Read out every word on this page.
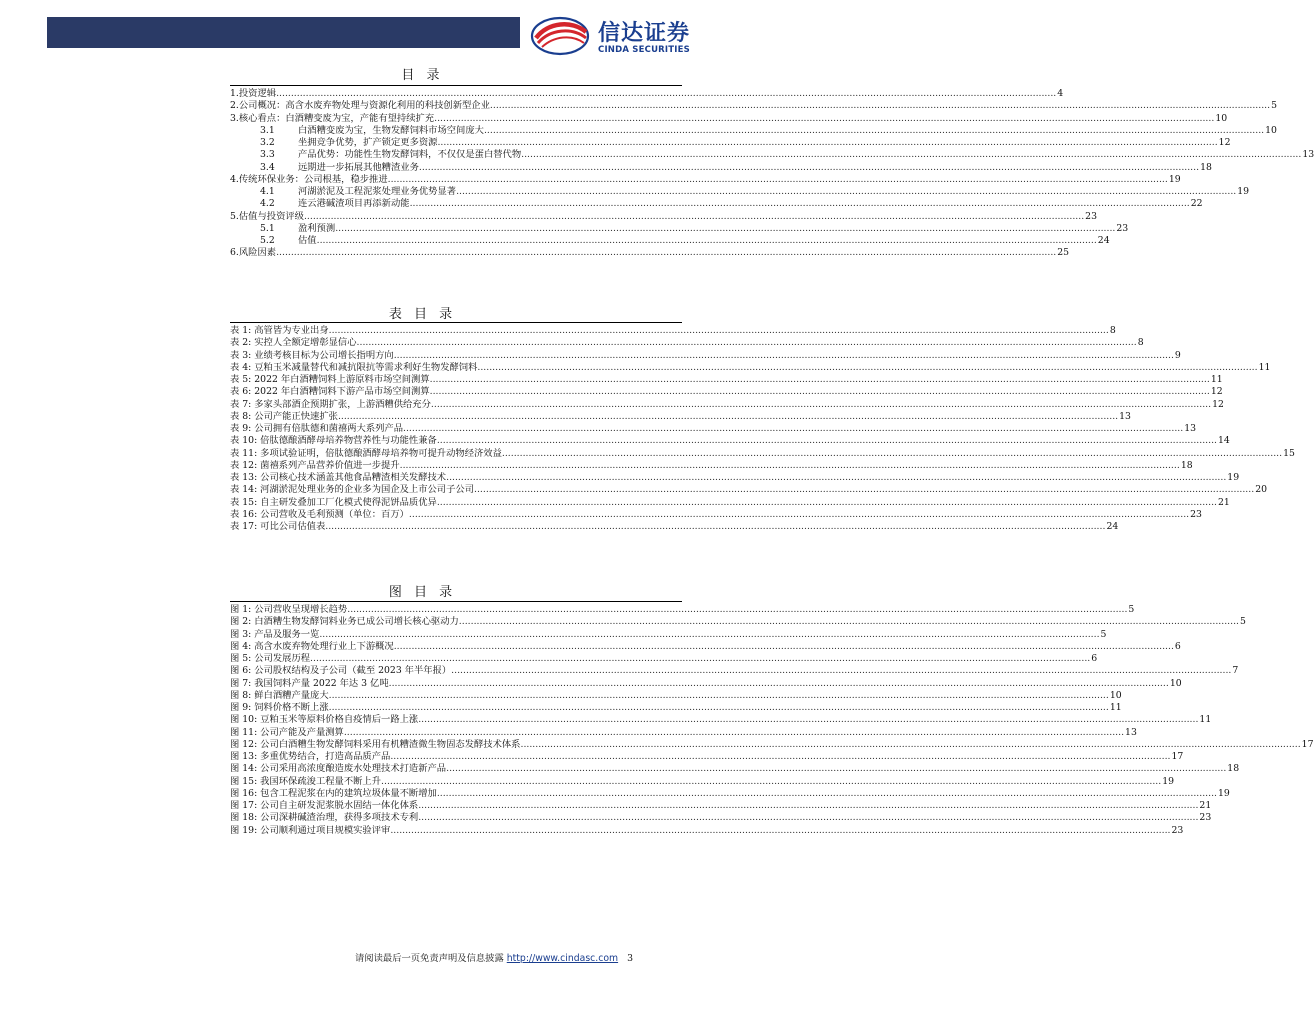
信达证券
CINDA SECURITIES
目 录
1. 投资逻辑 .....	4
2. 公司概况：高含水废弃物处理与资源化利用的科技创新型企业 .....	5
3. 核心看点：白酒糟变废为宝，产能有望持续扩充 .....	10
3.1	白酒糟变废为宝，生物发酵饲料市场空间庞大 .....	10
3.2	坐拥竞争优势，扩产锁定更多资源 .....	12
3.3	产品优势：功能性生物发酵饲料，不仅仅是蛋白替代物 .....	13
3.4	远期进一步拓展其他糟渣业务 .....	18
4. 传统环保业务：公司根基，稳步推进 .....	19
4.1	河湖淤泥及工程泥浆处理业务优势显著 .....	19
4.2	连云港碱渣项目再添新动能 .....	22
5. 估值与投资评级 .....	23
5.1	盈利预测 .....	23
5.2	估值 .....	24
6. 风险因素 .....	25
表 目 录
表 1: 高管皆为专业出身 .....	8
表 2: 实控人全额定增彰显信心 .....	8
表 3: 业绩考核目标为公司增长指明方向 .....	9
表 4: 豆粕玉米减量替代和减抗限抗等需求利好生物发酵饲料 .....	11
表 5: 2022 年白酒糟饲料上游原料市场空间测算 .....	11
表 6: 2022 年白酒糟饲料下游产品市场空间测算 .....	12
表 7: 多家头部酒企预期扩张，上游酒糟供给充分 .....	12
表 8: 公司产能正快速扩张 .....	13
表 9: 公司拥有倍肽德和菌禧两大系列产品 .....	13
表 10: 倍肽德酿酒酵母培养物营养性与功能性兼备 .....	14
表 11: 多项试验证明，倍肽德酿酒酵母培养物可提升动物经济效益 .....	15
表 12: 菌禧系列产品营养价值进一步提升 .....	18
表 13: 公司核心技术涵盖其他食品糟渣相关发酵技术 .....	19
表 14: 河湖淤泥处理业务的企业多为国企及上市公司子公司 .....	20
表 15: 自主研发叠加工厂化模式使得泥饼品质优异 .....	21
表 16: 公司营收及毛利预测（单位：百万） .....	23
表 17: 可比公司估值表 .....	24
图 目 录
图 1: 公司营收呈现增长趋势 .....	5
图 2: 白酒糟生物发酵饲料业务已成公司增长核心驱动力 .....	5
图 3: 产品及服务一览 .....	5
图 4: 高含水废弃物处理行业上下游概况 .....	6
图 5: 公司发展历程 .....	6
图 6: 公司股权结构及子公司（截至 2023 年半年报） .....	7
图 7: 我国饲料产量 2022 年达 3 亿吨 .....	10
图 8: 鲜白酒糟产量庞大 .....	10
图 9: 饲料价格不断上涨 .....	11
图 10: 豆粕玉米等原料价格自疫情后一路上涨 .....	11
图 11: 公司产能及产量测算 .....	13
图 12: 公司白酒糟生物发酵饲料采用有机糟渣微生物固态发酵技术体系 .....	17
图 13: 多重优势结合，打造高品质产品 .....	17
图 14: 公司采用高浓度酿造废水处理技术打造新产品 .....	18
图 15: 我国环保疏浚工程量不断上升 .....	19
图 16: 包含工程泥浆在内的建筑垃圾体量不断增加 .....	19
图 17: 公司自主研发泥浆脱水固结一体化体系 .....	21
图 18: 公司深耕碱渣治理，获得多项技术专利 .....	23
图 19: 公司顺利通过项目规模实验评审 .....	23
请阅读最后一页免责声明及信息披露 http://www.cindasc.com 3
